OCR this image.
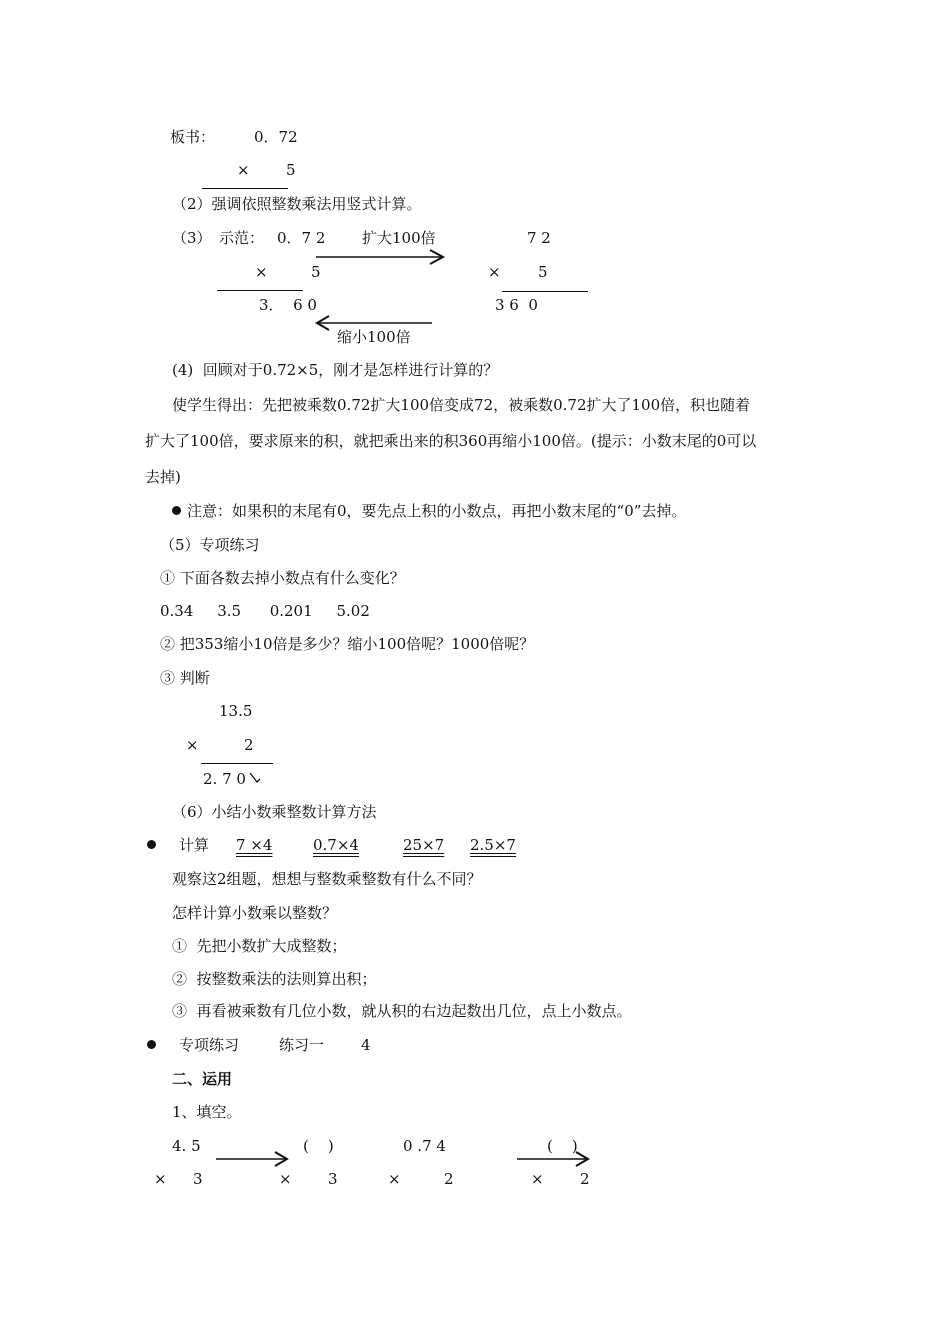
板书：	0．72
× 5
（2）强调依照整数乘法用竖式计算。
（3） 示范： 0．7 2 扩大100倍	7 2
×	5	× 5
3．  6 0	3 6  0
缩小100倍
(4)  回顾对于0.72×5，刚才是怎样进行计算的？
使学生得出：先把被乘数0.72扩大100倍变成72，被乘数0.72扩大了100倍，积也随着
扩大了100倍，要求原来的积，就把乘出来的积360再缩小100倍。(提示：小数末尾的0可以
去掉)
注意：如果积的末尾有0，要先点上积的小数点，再把小数末尾的“0”去掉。
（5）专项练习
① 下面各数去掉小数点有什么变化？
0.34     3.5      0.201     5.02
② 把353缩小10倍是多少？缩小100倍呢？1000倍呢？
③ 判断
13.5
×	2
2. 7 0
（6）小结小数乘整数计算方法
计算 7 ×4	0.7×4	25×7 2.5×7
观察这2组题，想想与整数乘整数有什么不同？
怎样计算小数乘以整数？
①  先把小数扩大成整数；
②  按整数乘法的法则算出积；
③  再看被乘数有几位小数，就从积的右边起数出几位，点上小数点。
专项练习	练习一 4
二、运用
1、填空。
4. 5	(    )	0 .7 4	(    )
× 3	× 3	×	2	× 2
